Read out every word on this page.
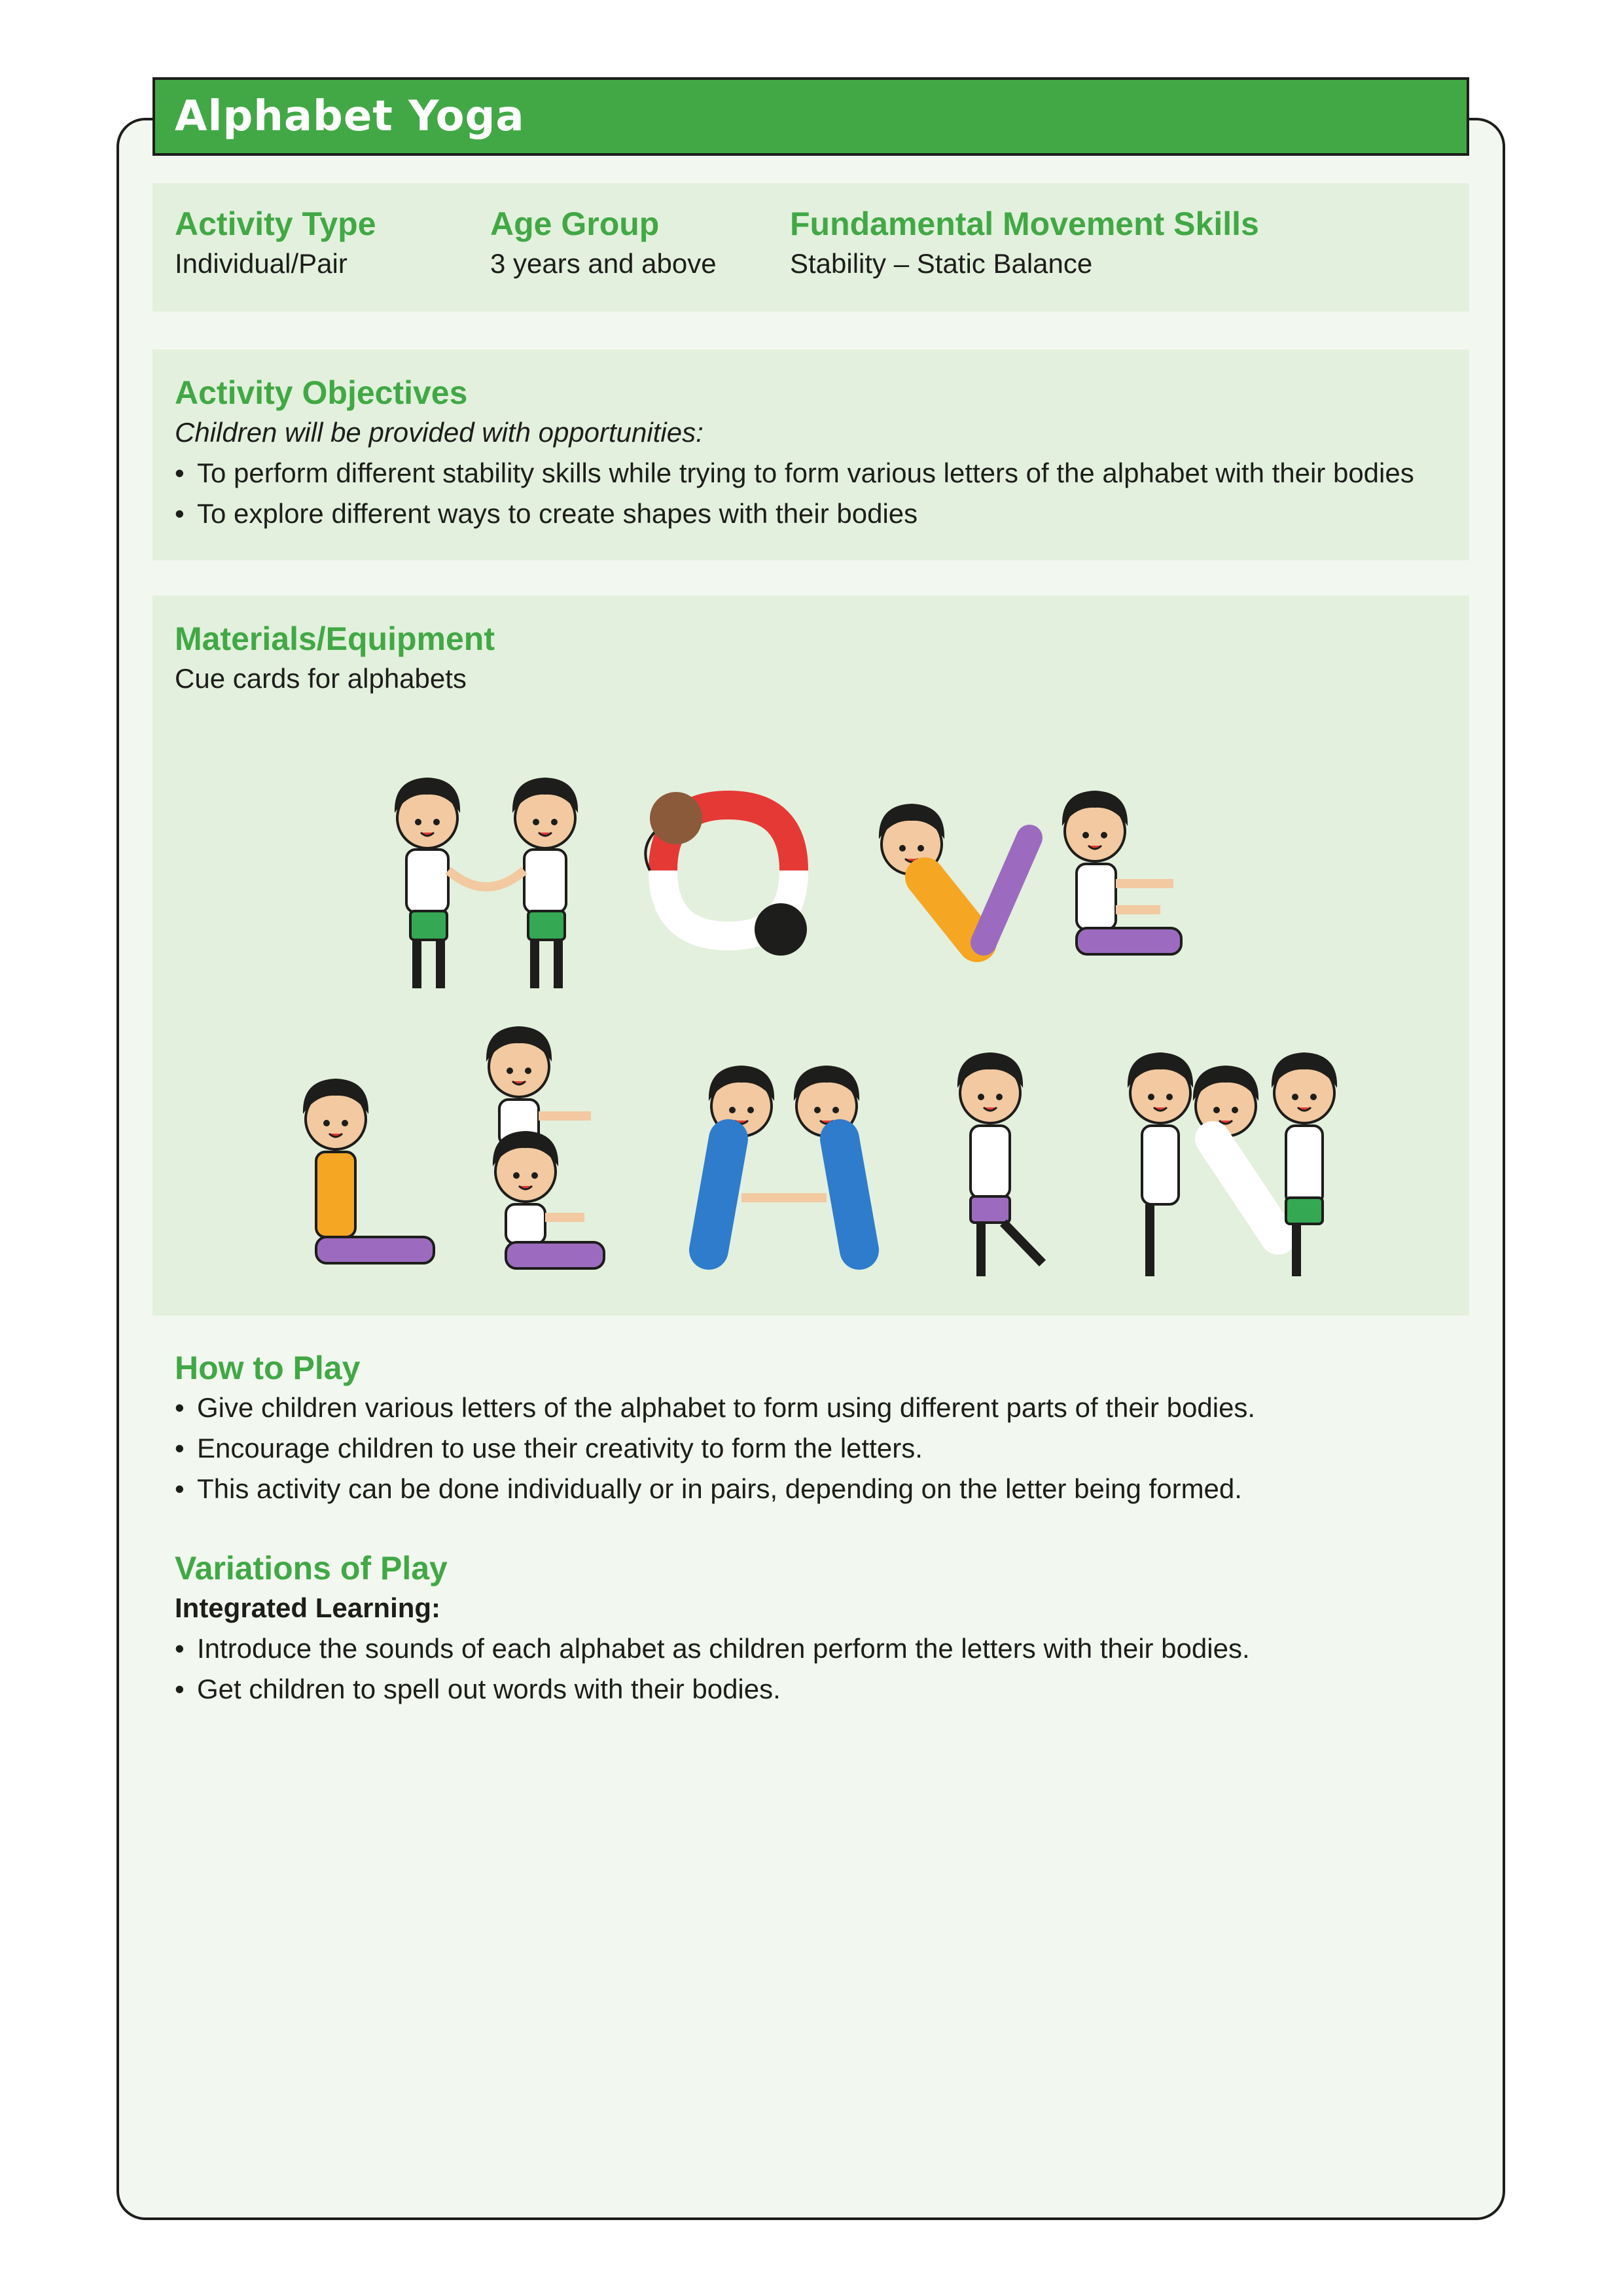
Alphabet Yoga

Activity Type

Individual/Pair

Age Group

3 years and above

Fundamental Movement Skills

Stability – Static Balance

Activity Objectives

Children will be provided with opportunities:

• To perform different stability skills while trying to form various letters of the alphabet with their bodies
• To explore different ways to create shapes with their bodies

Materials/Equipment

Cue cards for alphabets

How to Play

• Give children various letters of the alphabet to form using different parts of their bodies.
• Encourage children to use their creativity to form the letters.
• This activity can be done individually or in pairs, depending on the letter being formed.

Variations of Play

Integrated Learning:

• Introduce the sounds of each alphabet as children perform the letters with their bodies.
• Get children to spell out words with their bodies.
